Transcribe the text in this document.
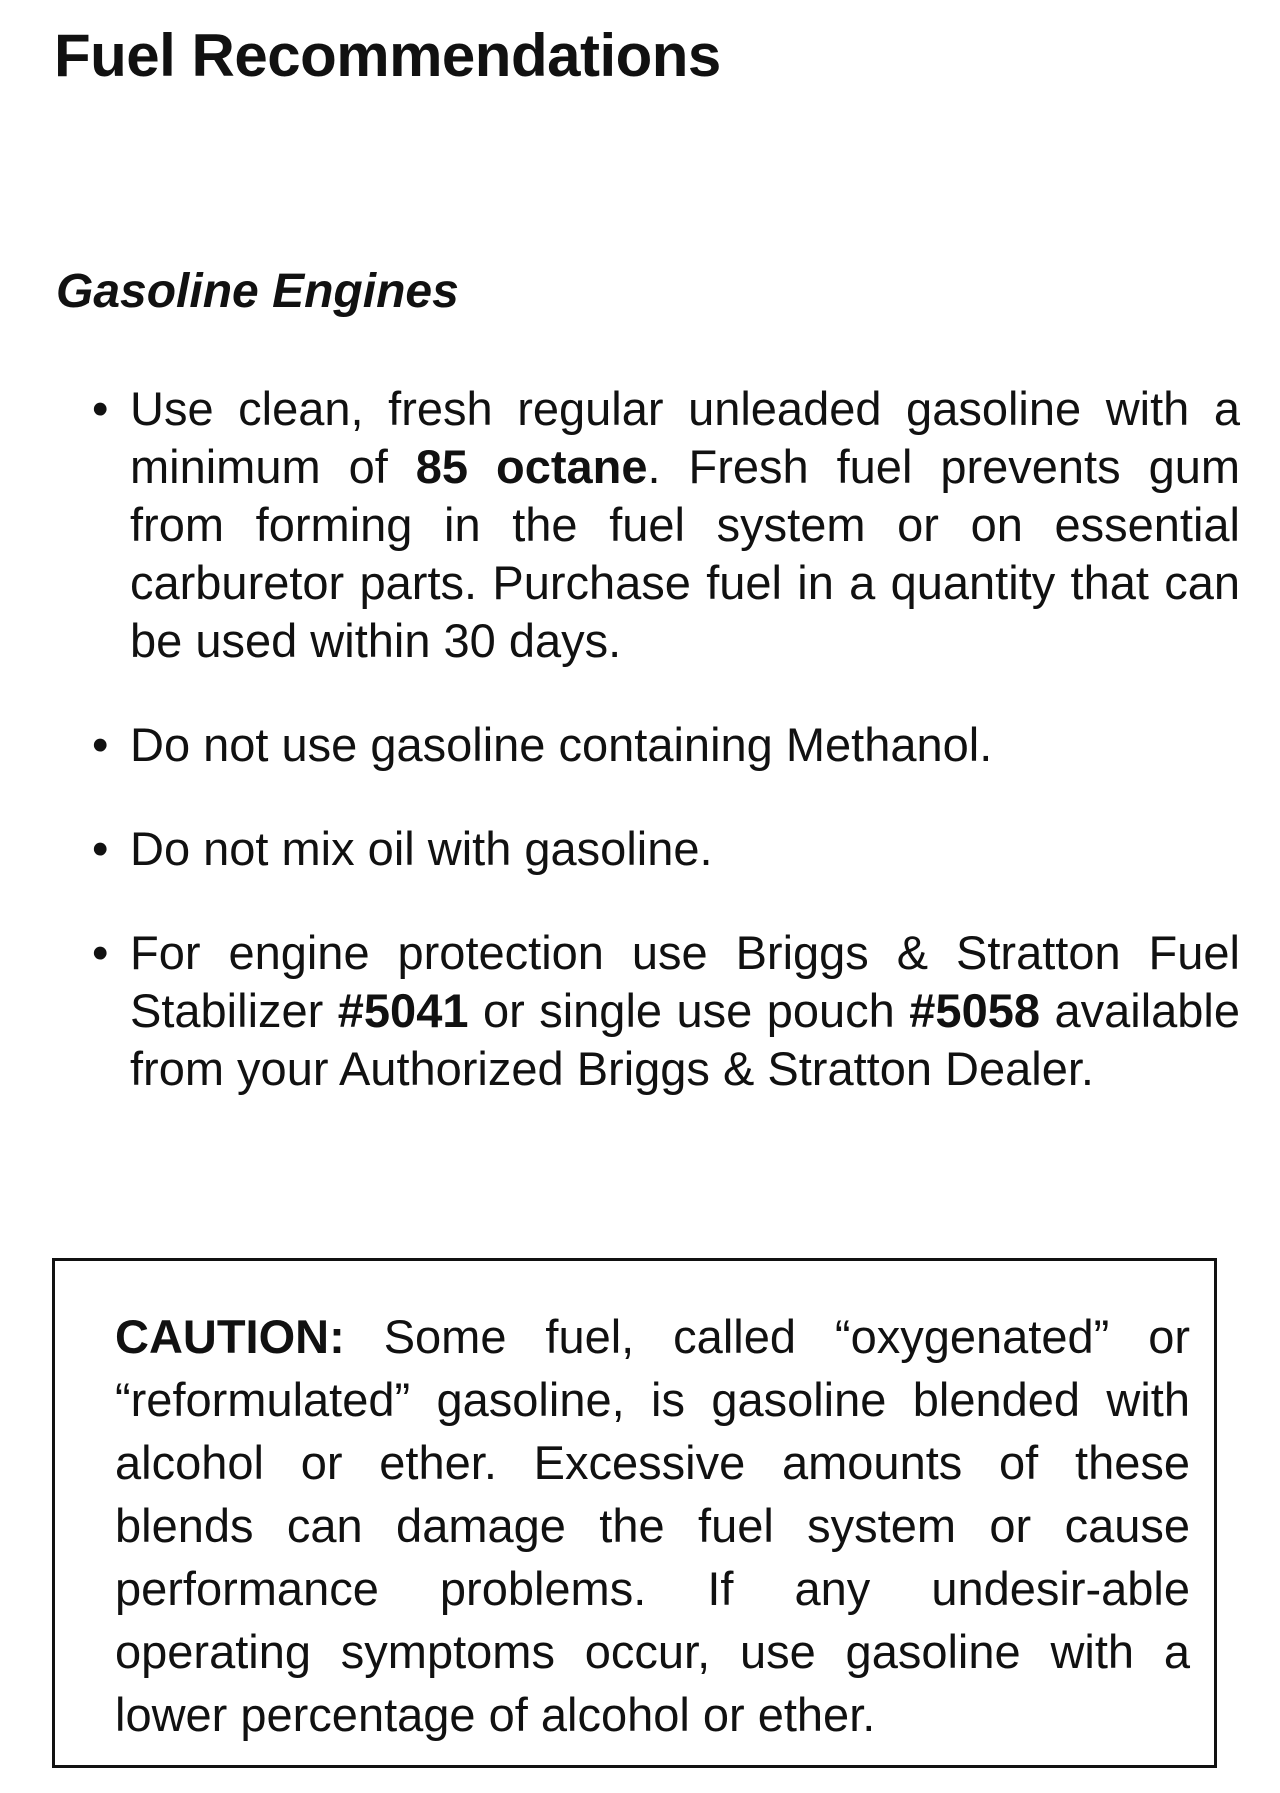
Fuel Recommendations
Gasoline Engines
• Use clean, fresh regular unleaded gasoline with a minimum of 85 octane. Fresh fuel prevents gum from forming in the fuel system or on essential carburetor parts. Purchase fuel in a quantity that can be used within 30 days.
• Do not use gasoline containing Methanol.
• Do not mix oil with gasoline.
• For engine protection use Briggs & Stratton Fuel Stabilizer #5041 or single use pouch #5058 available from your Authorized Briggs & Stratton Dealer.

CAUTION: Some fuel, called “oxygenated” or “reformulated” gasoline, is gasoline blended with alcohol or ether. Excessive amounts of these blends can damage the fuel system or cause performance problems. If any undesir-able operating symptoms occur, use gasoline with a lower percentage of alcohol or ether.
